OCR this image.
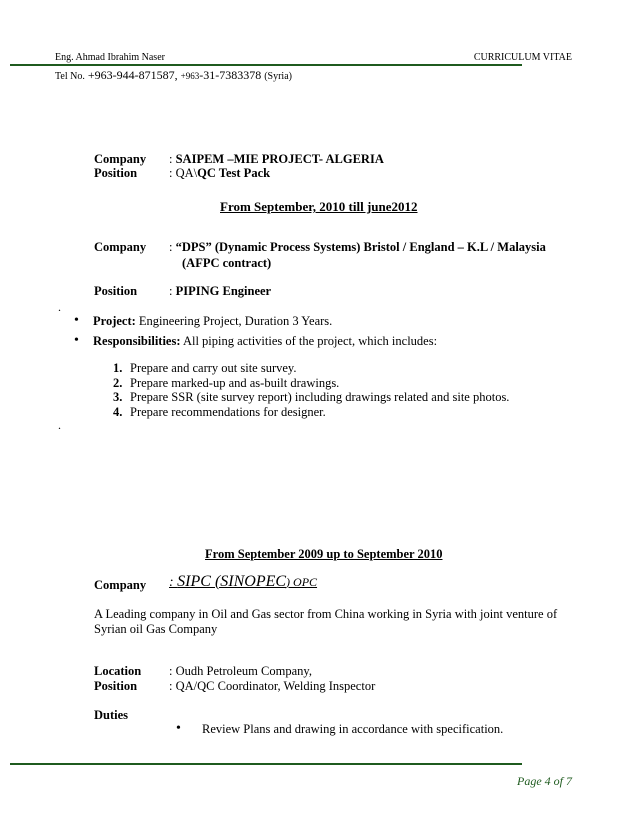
Eng. Ahmad Ibrahim Naser	CURRICULUM VITAE
Tel No. +963-944-871587, +963-31-7383378 (Syria)
Company : SAIPEM –MIE PROJECT- ALGERIA
Position	: QA\QC Test Pack
From September, 2010 till june2012
Company : “DPS” (Dynamic Process Systems) Bristol / England – K.L / Malaysia
(AFPC contract)
Position	: PIPING Engineer
.
• Project: Engineering Project, Duration 3 Years.
• Responsibilities: All piping activities of the project, which includes:
1. Prepare and carry out site survey.
2. Prepare marked-up and as-built drawings.
3. Prepare SSR (site survey report) including drawings related and site photos.
4. Prepare recommendations for designer.
.
From September 2009 up to September 2010
Company : SIPC (SINOPEC) OPC
A Leading company in Oil and Gas sector from China working in Syria with joint venture of
Syrian oil Gas Company
Location : Oudh Petroleum Company,
Position	: QA/QC Coordinator, Welding Inspector
Duties
• Review Plans and drawing in accordance with specification.
Page 4 of 7
